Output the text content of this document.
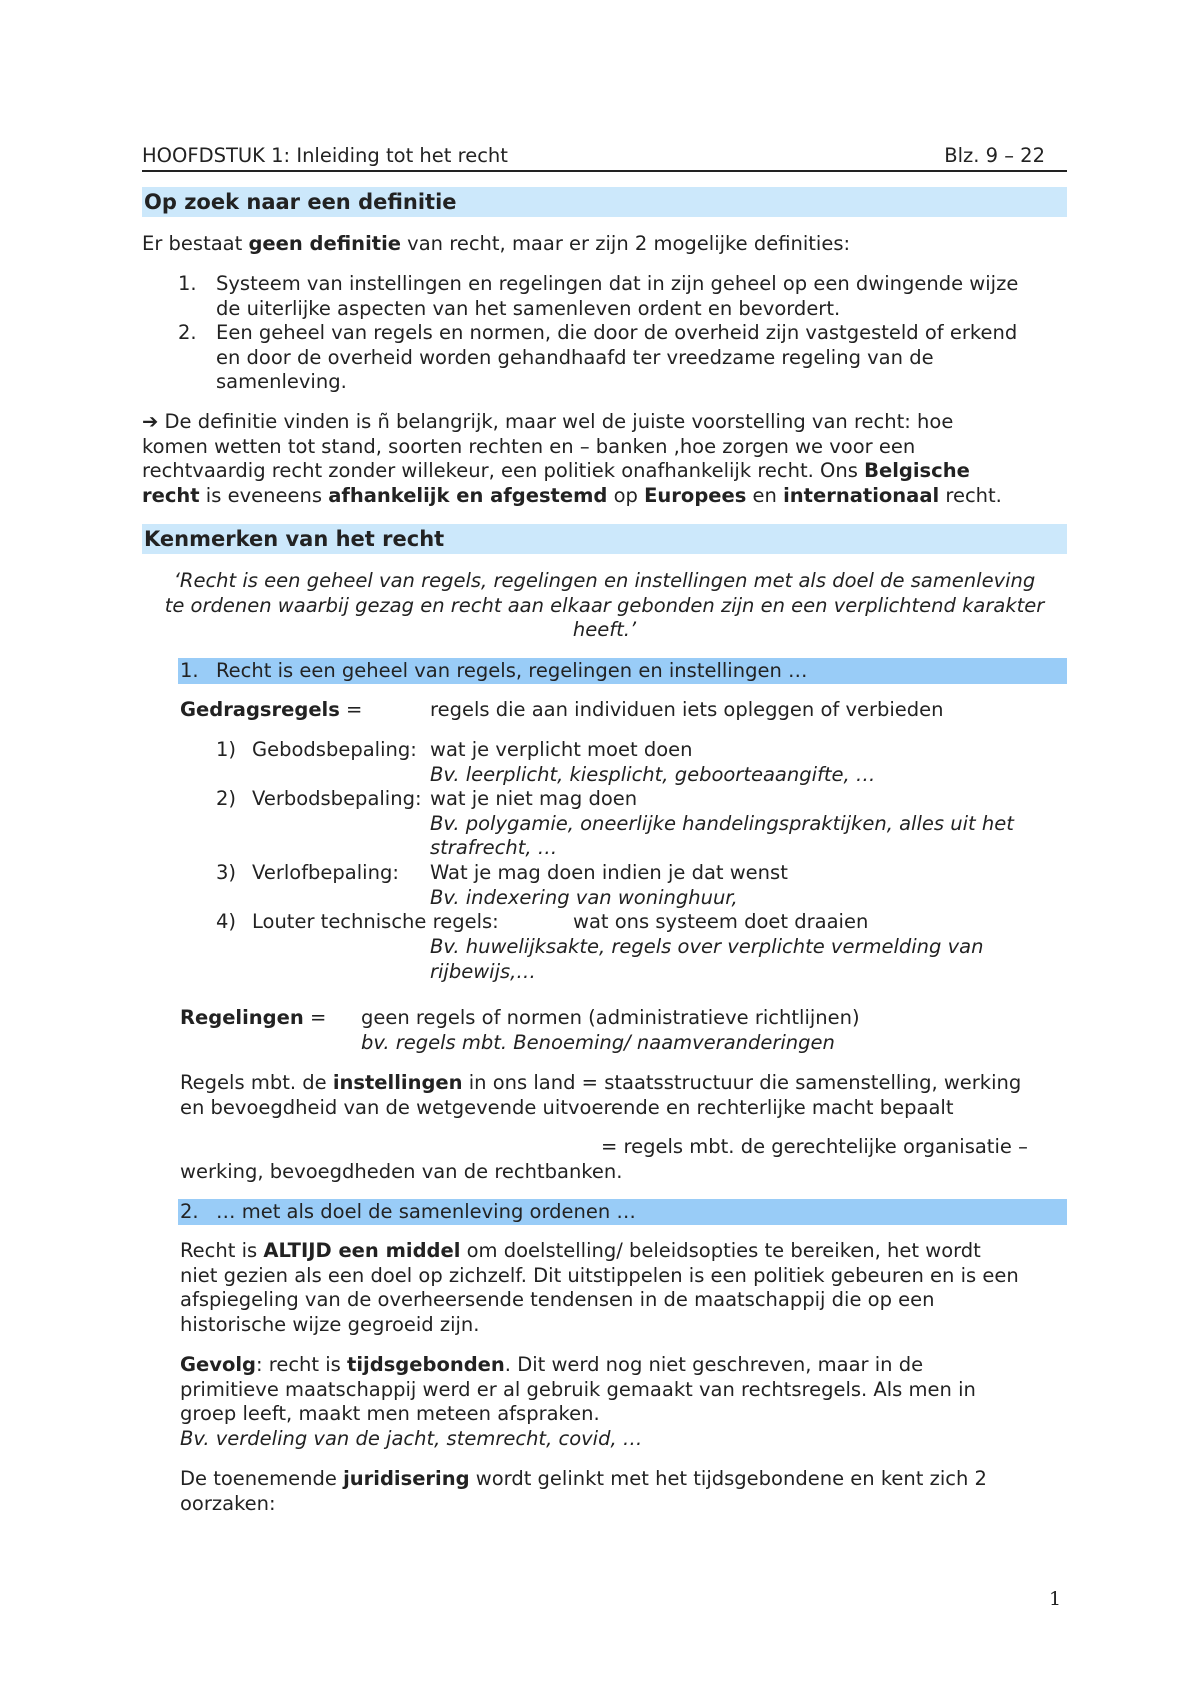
HOOFDSTUK 1: Inleiding tot het recht	Blz. 9 – 22
Op zoek naar een definitie
Er bestaat geen definitie van recht, maar er zijn 2 mogelijke definities:
1. Systeem van instellingen en regelingen dat in zijn geheel op een dwingende wijze
de uiterlijke aspecten van het samenleven ordent en bevordert.
2. Een geheel van regels en normen, die door de overheid zijn vastgesteld of erkend
en door de overheid worden gehandhaafd ter vreedzame regeling van de
samenleving.
➔ De definitie vinden is ñ belangrijk, maar wel de juiste voorstelling van recht: hoe
komen wetten tot stand, soorten rechten en – banken ,hoe zorgen we voor een
rechtvaardig recht zonder willekeur, een politiek onafhankelijk recht. Ons Belgische
recht is eveneens afhankelijk en afgestemd op Europees en internationaal recht.
Kenmerken van het recht
‘Recht is een geheel van regels, regelingen en instellingen met als doel de samenleving
te ordenen waarbij gezag en recht aan elkaar gebonden zijn en een verplichtend karakter
heeft.’
1. Recht is een geheel van regels, regelingen en instellingen …
Gedragsregels =	regels die aan individuen iets opleggen of verbieden
1) Gebodsbepaling: wat je verplicht moet doen
Bv. leerplicht, kiesplicht, geboorteaangifte, …
2) Verbodsbepaling: wat je niet mag doen
Bv. polygamie, oneerlijke handelingspraktijken, alles uit het
strafrecht, …
3) Verlofbepaling: Wat je mag doen indien je dat wenst
Bv. indexering van woninghuur,
4) Louter technische regels:	wat ons systeem doet draaien
Bv. huwelijksakte, regels over verplichte vermelding van
rijbewijs,…
Regelingen = geen regels of normen (administratieve richtlijnen)
bv. regels mbt. Benoeming/ naamveranderingen
Regels mbt. de instellingen in ons land = staatsstructuur die samenstelling, werking
en bevoegdheid van de wetgevende uitvoerende en rechterlijke macht bepaalt
= regels mbt. de gerechtelijke organisatie –
werking, bevoegdheden van de rechtbanken.
2. … met als doel de samenleving ordenen …
Recht is ALTIJD een middel om doelstelling/ beleidsopties te bereiken, het wordt
niet gezien als een doel op zichzelf. Dit uitstippelen is een politiek gebeuren en is een
afspiegeling van de overheersende tendensen in de maatschappij die op een
historische wijze gegroeid zijn.
Gevolg: recht is tijdsgebonden. Dit werd nog niet geschreven, maar in de
primitieve maatschappij werd er al gebruik gemaakt van rechtsregels. Als men in
groep leeft, maakt men meteen afspraken.
Bv. verdeling van de jacht, stemrecht, covid, …
De toenemende juridisering wordt gelinkt met het tijdsgebondene en kent zich 2
oorzaken:
1
